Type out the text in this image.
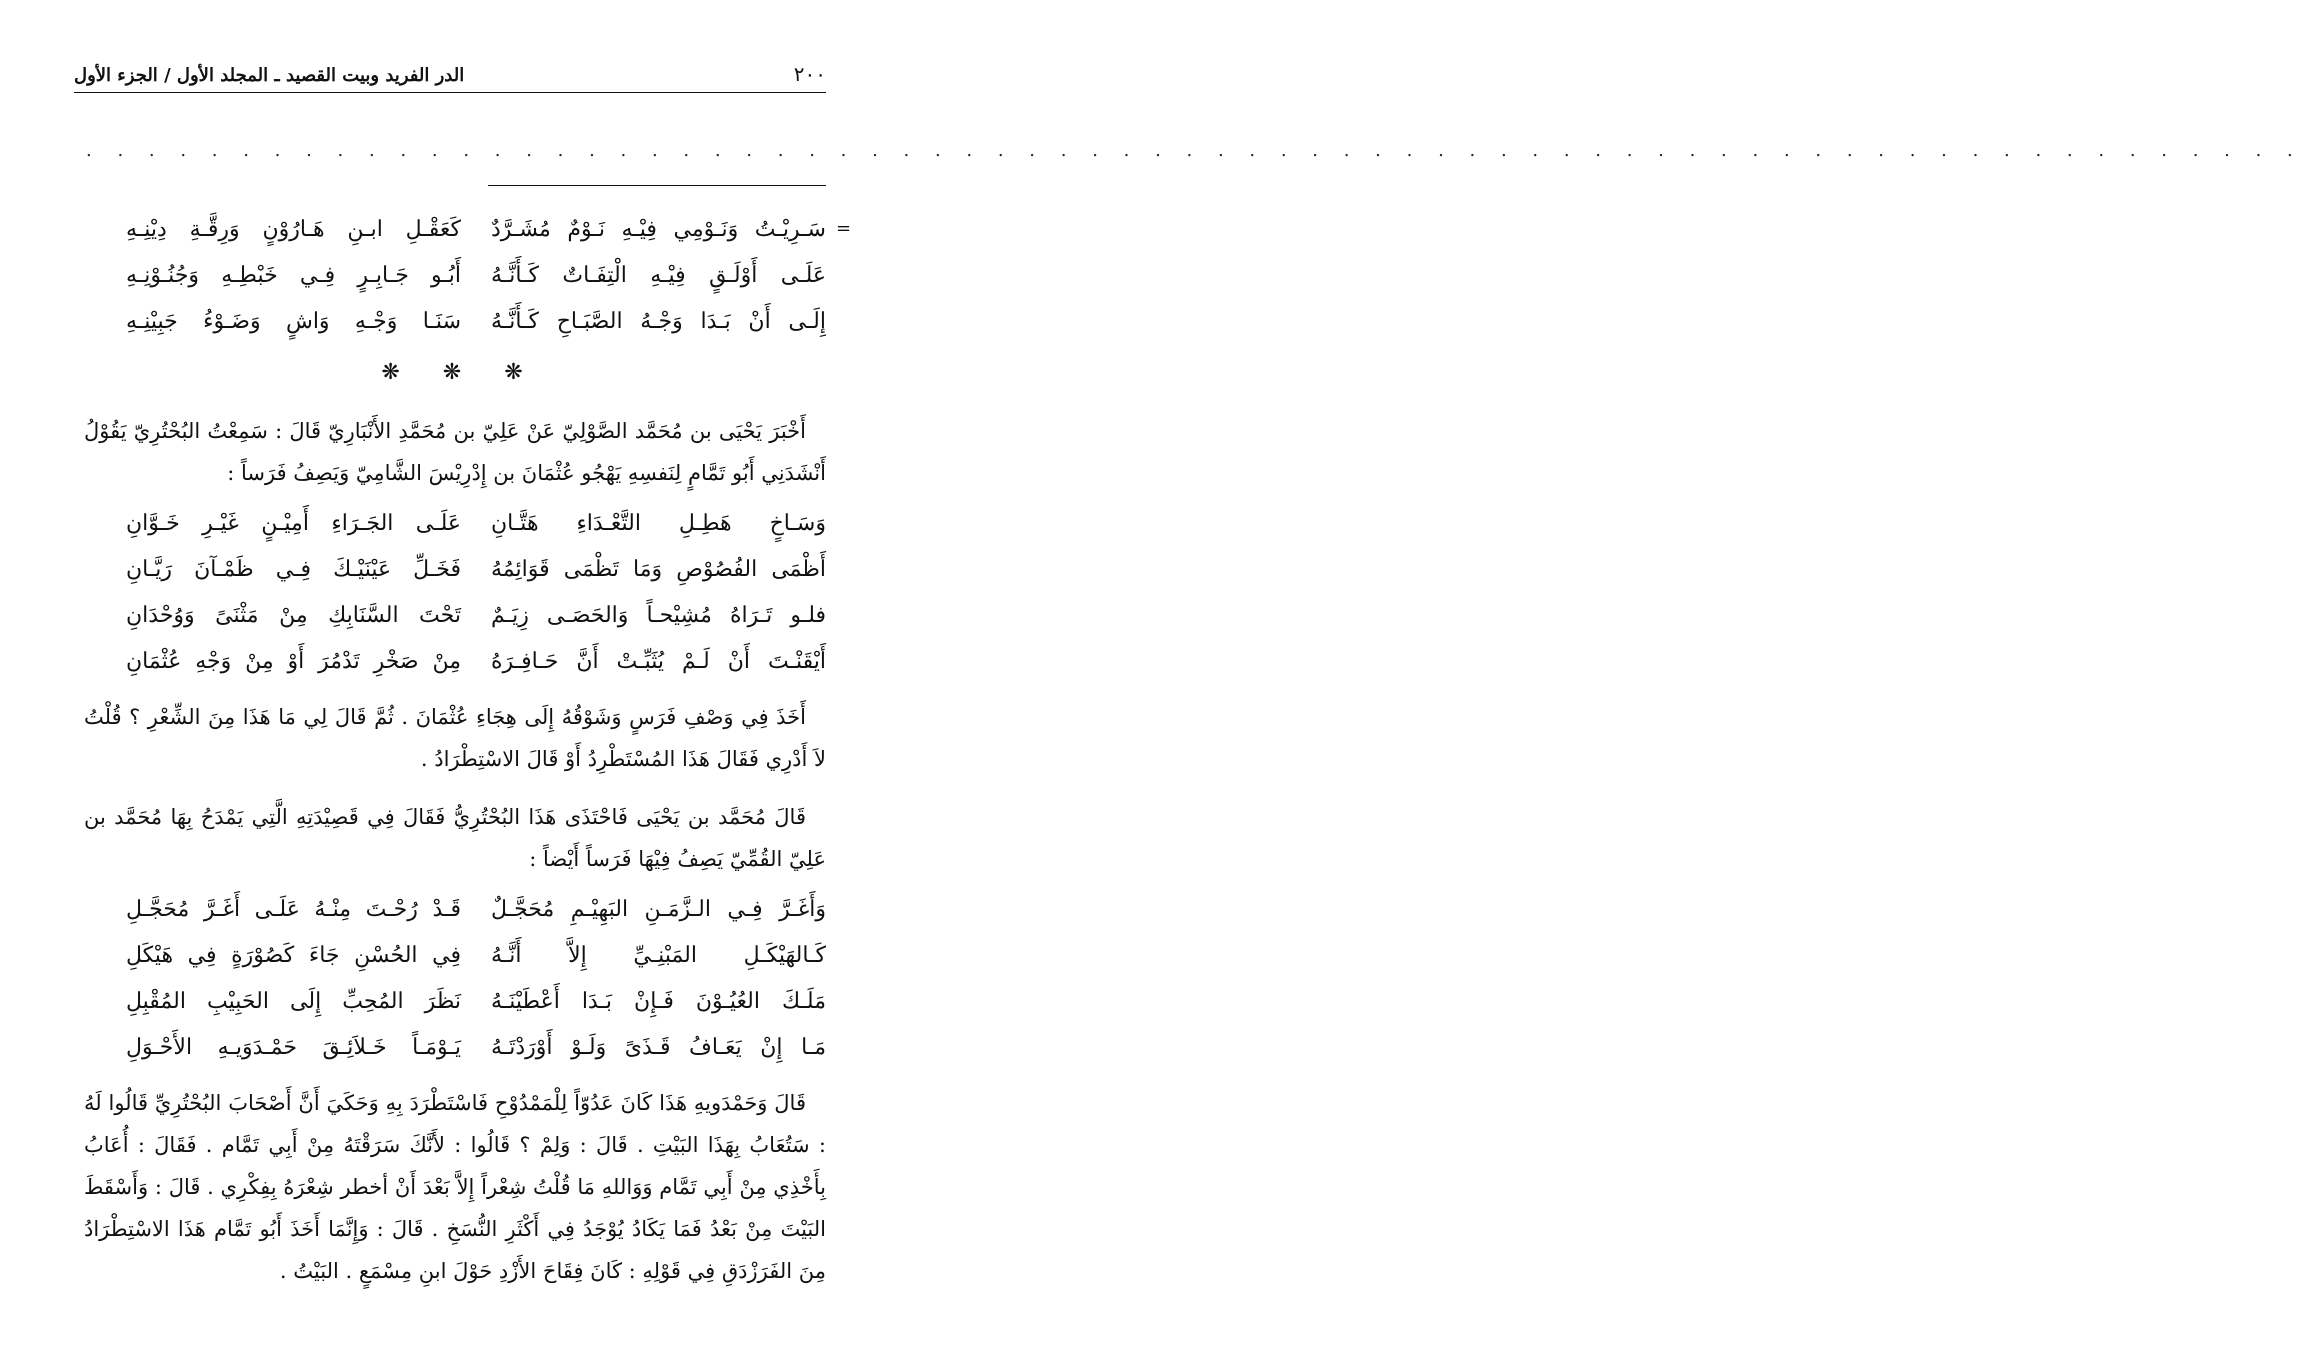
٢٠٠
الدر الفريد وبيت القصيد ـ المجلد الأول / الجزء الأول
. . . . . . . . . . . . . . . . . . . . . . . . . . . . . . . . . . . . . . . . . . . . . . . . . . . . . . . . . . . . . . . . . . . . . . .
=
سَـرِيْـتُ وَنَـوْمِي فِيْـهِ نَـوْمٌ مُشَـرَّدٌ
كَعَقْـلِ ابـنِ هَـارُوْنٍ وَرِقَّـةِ دِيْنِـهِ
عَلَـى أَوْلَـقٍ فِيْـهِ الْتِفَـاتٌ كَـأَنَّـهُ
أَبُـو جَـابِـرٍ فِـي خَبْطِـهِ وَجُنُـوْنِـهِ
إِلَـى أَنْ بَـدَا وَجْـهُ الصَّبَـاحِ كَـأَنَّـهُ
سَنَـا وَجْـهِ وَاشٍ وَضَـوْءُ جَبِيْنِـهِ
❋ ❋ ❋

أَخْبَرَ يَحْيَى بن مُحَمَّد الصَّوْلِيّ عَنْ عَلِيّ بن مُحَمَّدِ الأَنْبَارِيّ قَالَ : سَمِعْتُ البُحْتُرِيّ يَقُوْلُ أَنْشَدَنِي أَبُو تَمَّامٍ لِنَفسِهِ يَهْجُو عُثْمَانَ بن إِدْرِيْسَ الشَّامِيّ وَيَصِفُ فَرَساً :

وَسَـاخٍ هَطِـلِ التَّعْـدَاءِ هَتَّـانِ
عَلَـى الجَـرَاءِ أَمِيْـنٍ غَيْـرِ خَـوَّانِ
أَظْمَى الفُصُوْصِ وَمَا تَظْمَى قَوَائِمُهُ
فَخَـلِّ عَيْنَيْـكَ فِـي ظَمْـآنَ رَيَّـانِ
فلـو تَـرَاهُ مُشِيْحـاً وَالحَصَـى زِيَـمٌ
تَحْتَ السَّنَابِكِ مِنْ مَثْنَىً وَوُحْدَانِ
أَيْقَنْـتَ أَنْ لَـمْ يُثَبِّـتْ أَنَّ حَـافِـرَهُ
مِنْ صَخْرِ تَدْمُرَ أَوْ مِنْ وَجْهِ عُثْمَانِ

أَخَذَ فِي وَصْفِ فَرَسٍ وَشَوْقُهُ إِلَى هِجَاءِ عُثْمَانَ . ثُمَّ قَالَ لِي مَا هَذَا مِنَ الشِّعْرِ ؟ قُلْتُ لاَ أَدْرِي فَقَالَ هَذَا المُسْتَطْرِدُ أَوْ قَالَ الاسْتِطْرَادُ .

قَالَ مُحَمَّد بن يَحْيَى فَاحْتَذَى هَذَا البُحْتُرِيُّ فَقَالَ فِي قَصِيْدَتِهِ الَّتِي يَمْدَحُ بِهَا مُحَمَّد بن عَلِيّ القُمِّيّ يَصِفُ فِيْهَا فَرَساً أَيْضاً :

وَأَغَـرَّ فِـي الـزَّمَـنِ البَهِيْـمِ مُحَجَّـلٌ
قَـدْ رُحْـتَ مِنْـهُ عَلَـى أَغَـرَّ مُحَجَّـلِ
كَـالهَيْكَـلِ المَبْنِـيِّ إِلاَّ أَنَّـهُ
فِي الحُسْنِ جَاءَ كَصُوْرَةٍ فِي هَيْكَلِ
مَلَـكَ العُيُـوْنَ فَـإِنْ بَـدَا أَعْطَيْنَـهُ
نَظَرَ المُحِبِّ إِلَى الحَبِيْبِ المُقْبِلِ
مَـا إِنْ يَعَـافُ قَـذَىً وَلَـوْ أَوْرَدْتَـهُ
يَـوْمَـاً خَـلاَئِـقَ حَمْـدَوَيـهِ الأَحْـوَلِ

قَالَ وَحَمْدَويهِ هَذَا كَانَ عَدُوّاً لِلْمَمْدُوْحِ فَاسْتَطْرَدَ بِهِ وَحَكَيَ أَنَّ أَصْحَابَ البُحْتُرِيِّ قَالُوا لَهُ : سَتُعَابُ بِهَذَا البَيْتِ . قَالَ : وَلِمْ ؟ قَالُوا : لأَنَّكَ سَرَقْتَهُ مِنْ أَبِي تَمَّام . فَقَالَ : أُعَابُ بِأَخْذِي مِنْ أَبِي تَمَّام وَوَاللهِ مَا قُلْتُ شِعْراً إِلاَّ بَعْدَ أَنْ أخطر شِعْرَهُ بِفِكْرِي . قَالَ : وَأَسْقَطَ البَيْتَ مِنْ بَعْدُ فَمَا يَكَادُ يُوْجَدُ فِي أَكْثَرِ النُّسَخِ . قَالَ : وَإِنَّمَا أَخَذَ أَبُو تَمَّام هَذَا الاسْتِطْرَادُ مِنَ الفَرَزْدَقِ فِي قَوْلِهِ : كَانَ فِقَاحَ الأَزْدِ حَوْلَ ابنِ مِسْمَعٍ . البَيْتُ .
